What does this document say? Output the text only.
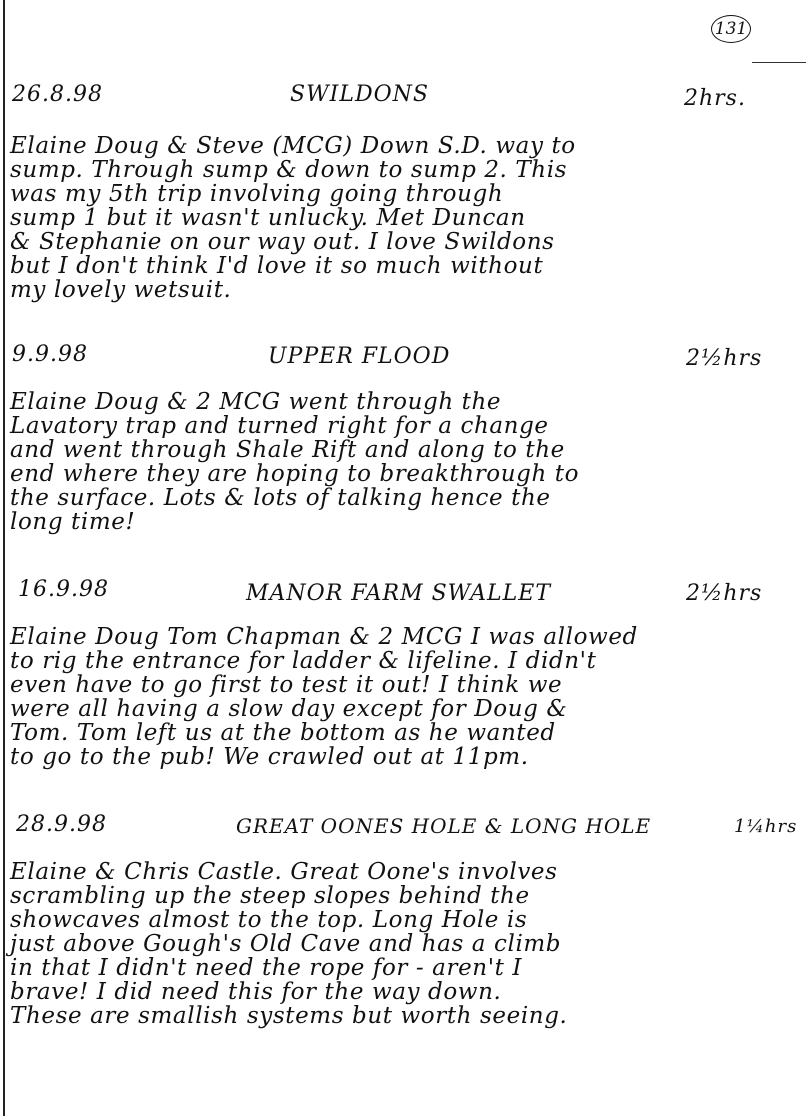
131
26.8.98	SWILDONS	2hrs.
Elaine Doug & Steve (MCG) Down S.D. way to
sump. Through sump & down to sump 2. This
was my 5th trip involving going through
sump 1 but it wasn't unlucky. Met Duncan
& Stephanie on our way out. I love Swildons
but I don't think I'd love it so much without
my lovely wetsuit.
9.9.98	UPPER FLOOD	2½hrs
Elaine Doug & 2 MCG went through the
Lavatory trap and turned right for a change
and went through Shale Rift and along to the
end where they are hoping to breakthrough to
the surface. Lots & lots of talking hence the
long time!
16.9.98	MANOR FARM SWALLET	2½hrs
Elaine Doug Tom Chapman & 2 MCG I was allowed
to rig the entrance for ladder & lifeline. I didn't
even have to go first to test it out! I think we
were all having a slow day except for Doug &
Tom. Tom left us at the bottom as he wanted
to go to the pub! We crawled out at 11pm.
28.9.98	GREAT OONES HOLE & LONG HOLE	1¼hrs
Elaine & Chris Castle. Great Oone's involves
scrambling up the steep slopes behind the
showcaves almost to the top. Long Hole is
just above Gough's Old Cave and has a climb
in that I didn't need the rope for - aren't I
brave! I did need this for the way down.
These are smallish systems but worth seeing.
